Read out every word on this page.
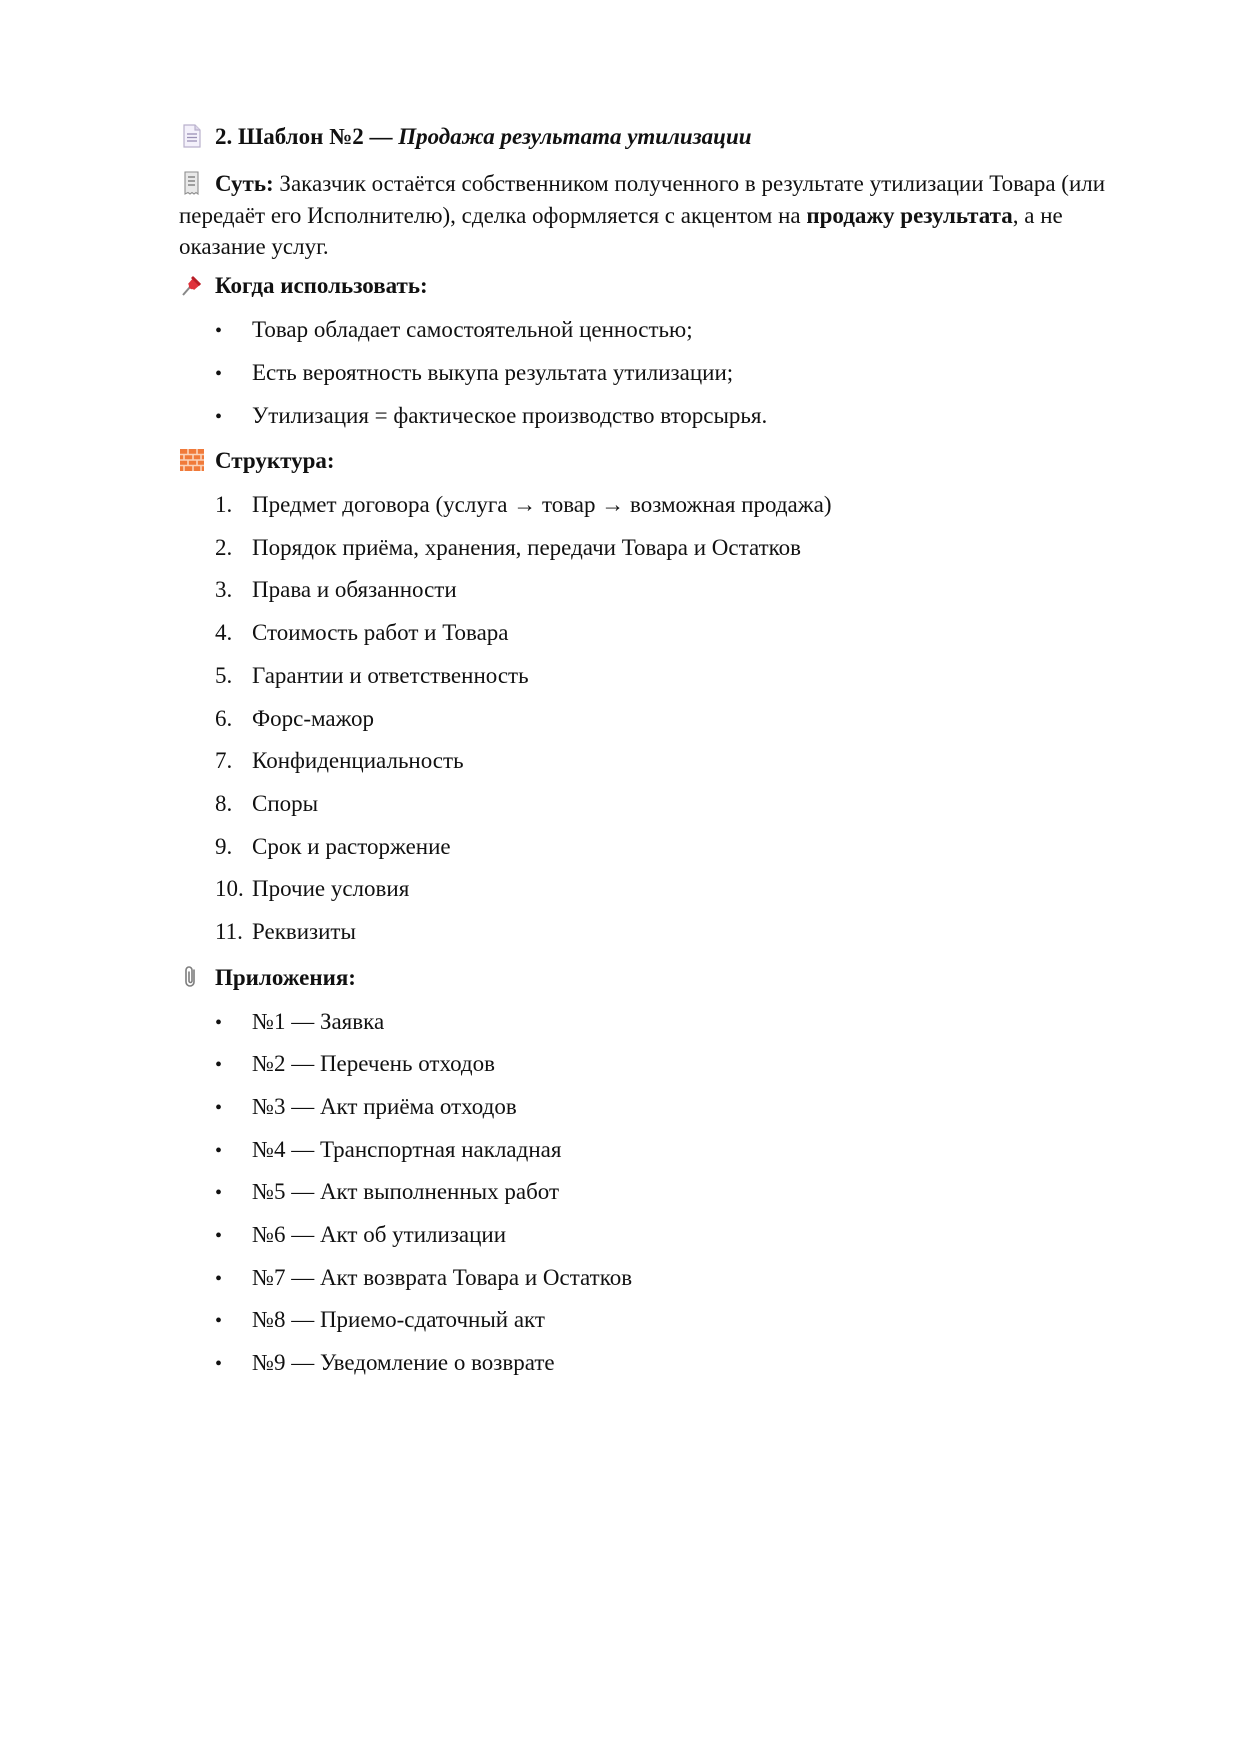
2. Шаблон №2 — Продажа результата утилизации
Суть: Заказчик остаётся собственником полученного в результате утилизации Товара (или передаёт его Исполнителю), сделка оформляется с акцентом на продажу результата, а не оказание услуг.
Когда использовать:
• Товар обладает самостоятельной ценностью;
• Есть вероятность выкупа результата утилизации;
• Утилизация = фактическое производство вторсырья.
Структура:
1. Предмет договора (услуга → товар → возможная продажа)
2. Порядок приёма, хранения, передачи Товара и Остатков
3. Права и обязанности
4. Стоимость работ и Товара
5. Гарантии и ответственность
6. Форс-мажор
7. Конфиденциальность
8. Споры
9. Срок и расторжение
10. Прочие условия
11. Реквизиты
Приложения:
• №1 — Заявка
• №2 — Перечень отходов
• №3 — Акт приёма отходов
• №4 — Транспортная накладная
• №5 — Акт выполненных работ
• №6 — Акт об утилизации
• №7 — Акт возврата Товара и Остатков
• №8 — Приемо-сдаточный акт
• №9 — Уведомление о возврате
